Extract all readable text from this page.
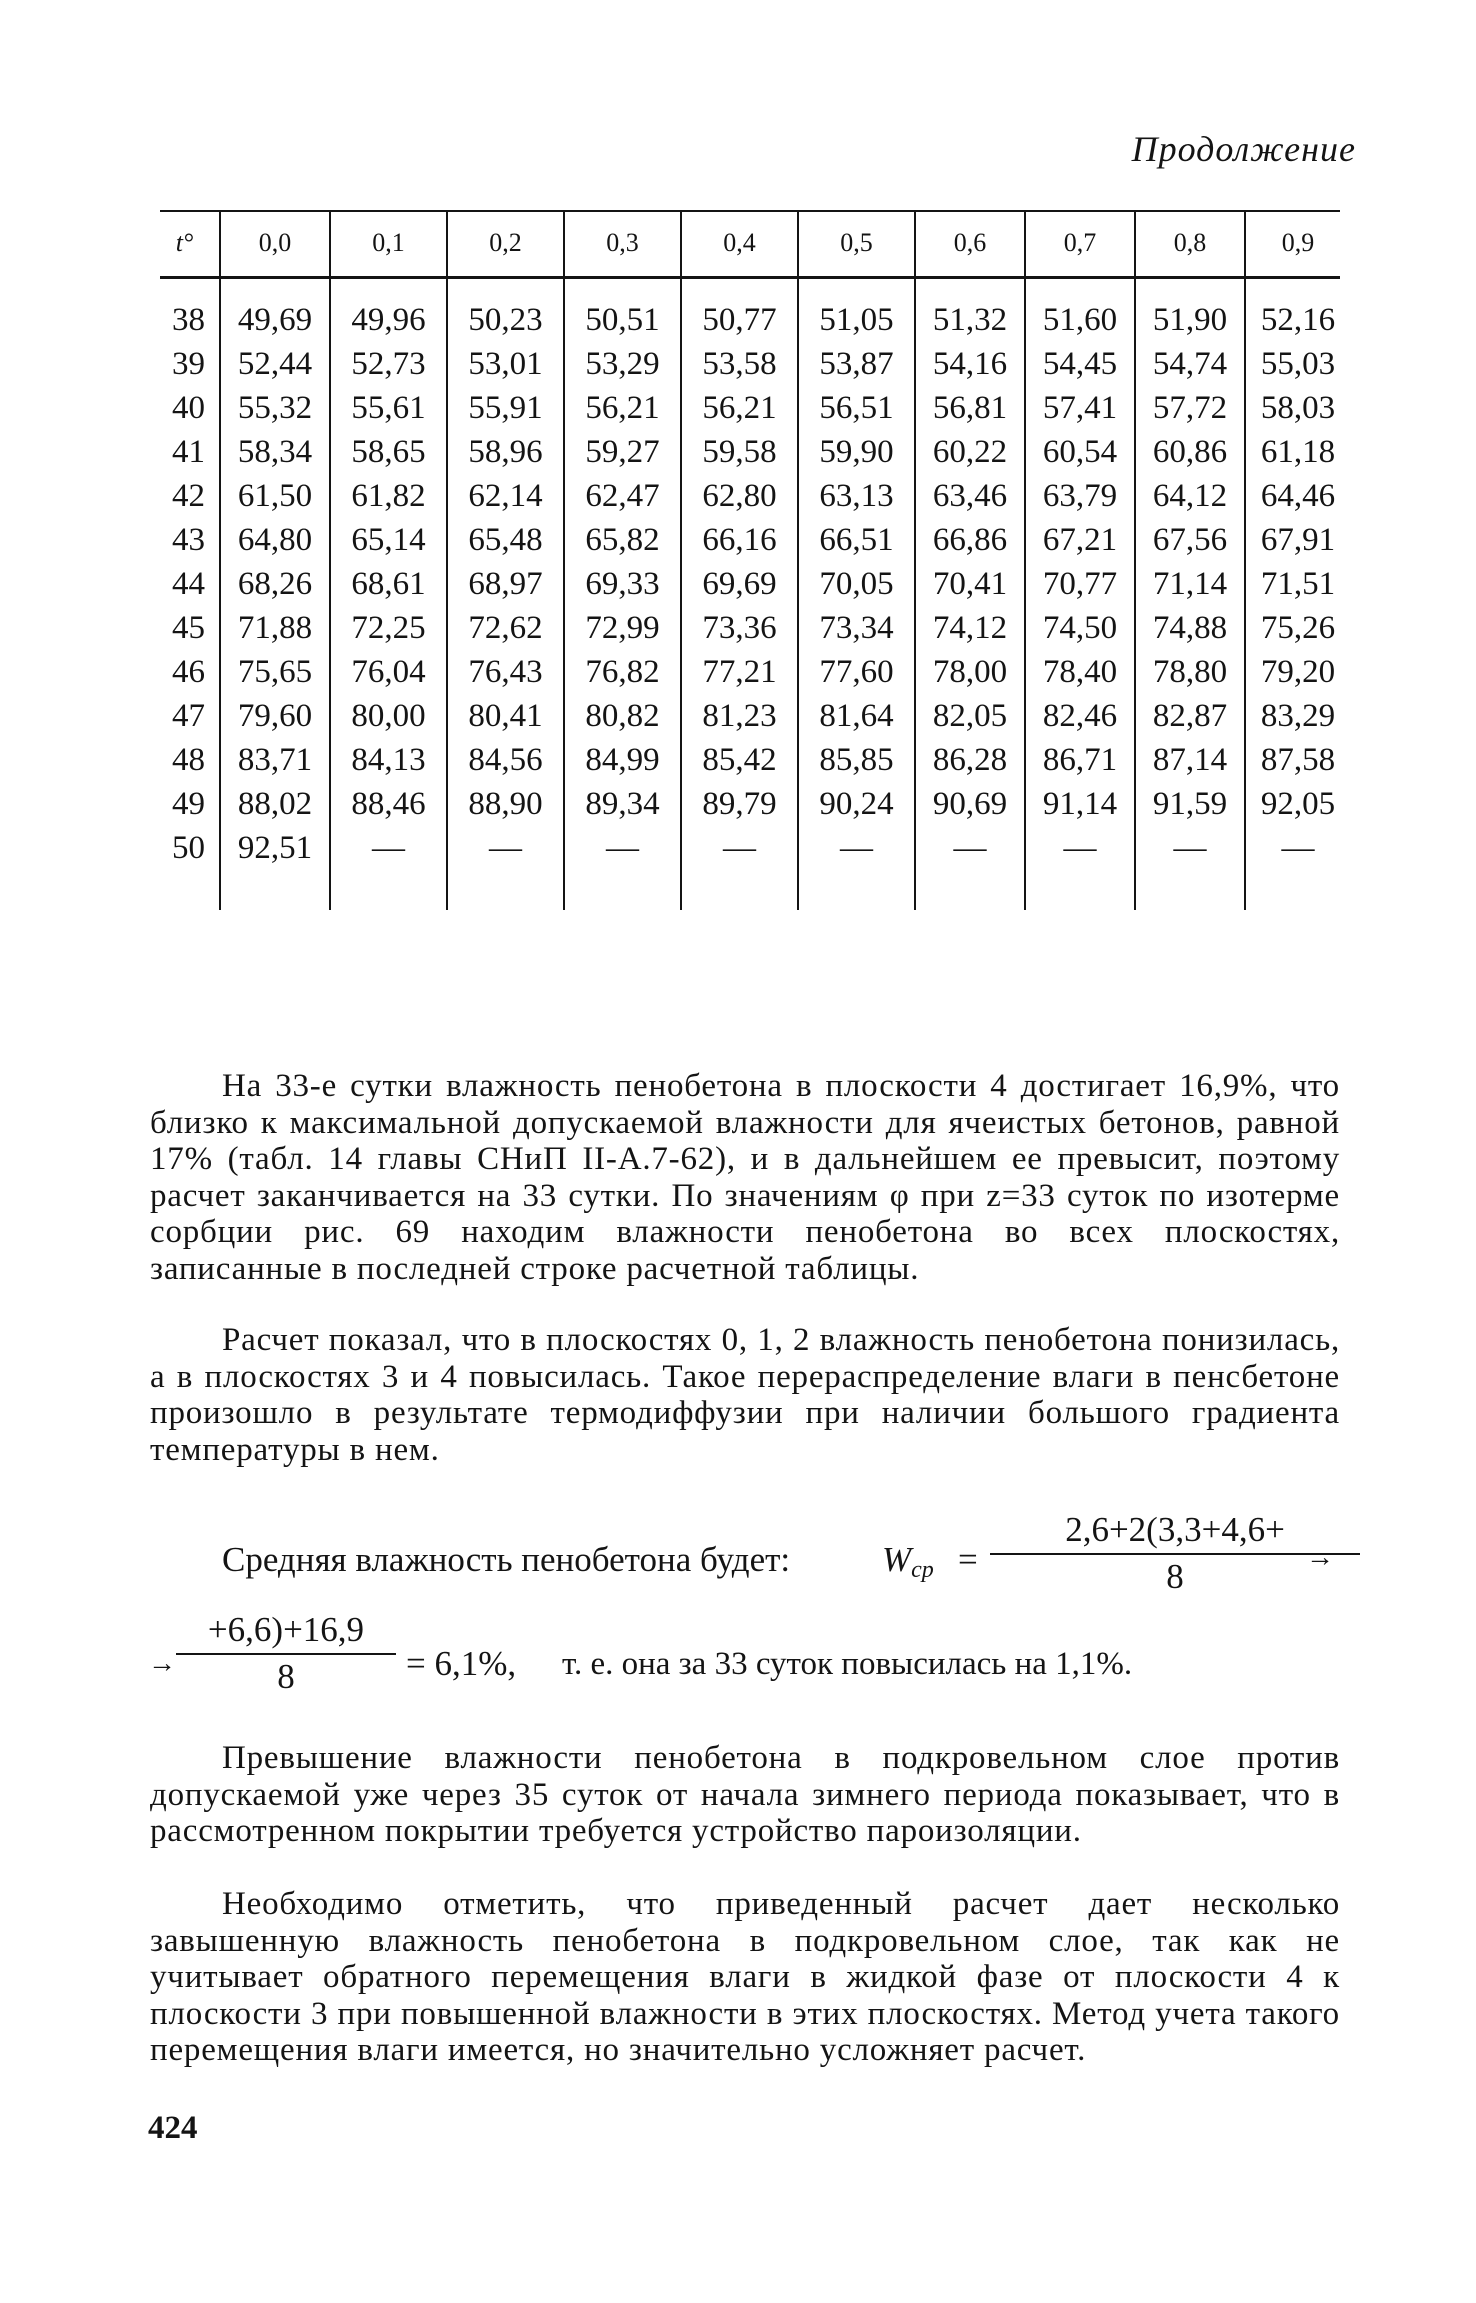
Продолжение
t°	0,0	0,1	0,2	0,3	0,4	0,5	0,6	0,7	0,8	0,9

38	49,69	49,96	50,23	50,51	50,77	51,05	51,32	51,60	51,90	52,16
39	52,44	52,73	53,01	53,29	53,58	53,87	54,16	54,45	54,74	55,03
40	55,32	55,61	55,91	56,21	56,21	56,51	56,81	57,41	57,72	58,03
41	58,34	58,65	58,96	59,27	59,58	59,90	60,22	60,54	60,86	61,18
42	61,50	61,82	62,14	62,47	62,80	63,13	63,46	63,79	64,12	64,46
43	64,80	65,14	65,48	65,82	66,16	66,51	66,86	67,21	67,56	67,91
44	68,26	68,61	68,97	69,33	69,69	70,05	70,41	70,77	71,14	71,51
45	71,88	72,25	72,62	72,99	73,36	73,34	74,12	74,50	74,88	75,26
46	75,65	76,04	76,43	76,82	77,21	77,60	78,00	78,40	78,80	79,20
47	79,60	80,00	80,41	80,82	81,23	81,64	82,05	82,46	82,87	83,29
48	83,71	84,13	84,56	84,99	85,42	85,85	86,28	86,71	87,14	87,58
49	88,02	88,46	88,90	89,34	89,79	90,24	90,69	91,14	91,59	92,05
50	92,51	—	—	—	—	—	—	—	—	—

На 33-е сутки влажность пенобетона в плоскости 4 достигает 16,9%, что близко к максимальной допускаемой влажности для ячеистых бетонов, равной 17% (табл. 14 главы СНиП II-А.7-62), и в дальнейшем ее превысит, поэтому расчет заканчивается на 33 сутки. По значениям φ при z=33 суток по изотерме сорбции рис. 69 находим влажности пенобетона во всех плоскостях, записанные в последней строке расчетной таблицы.

Расчет показал, что в плоскостях 0, 1, 2 влажность пенобетона понизилась, а в плоскостях 3 и 4 повысилась. Такое перераспределение влаги в пенсбетоне произошло в результате термодиффузии при наличии большого градиента температуры в нем.

Средняя влажность пенобетона будет:	Wср =
2,6+2(3,3+4,6+
8	→
→
+6,6)+16,9
8	= 6,1%, т. е. она за 33 суток повысилась на 1,1%.

Превышение влажности пенобетона в подкровельном слое против допускаемой уже через 35 суток от начала зимнего периода показывает, что в рассмотренном покрытии требуется устройство пароизоляции.

Необходимо отметить, что приведенный расчет дает несколько завышенную влажность пенобетона в подкровельном слое, так как не учитывает обратного перемещения влаги в жидкой фазе от плоскости 4 к плоскости 3 при повышенной влажности в этих плоскостях. Метод учета такого перемещения влаги имеется, но значительно усложняет расчет.

424
